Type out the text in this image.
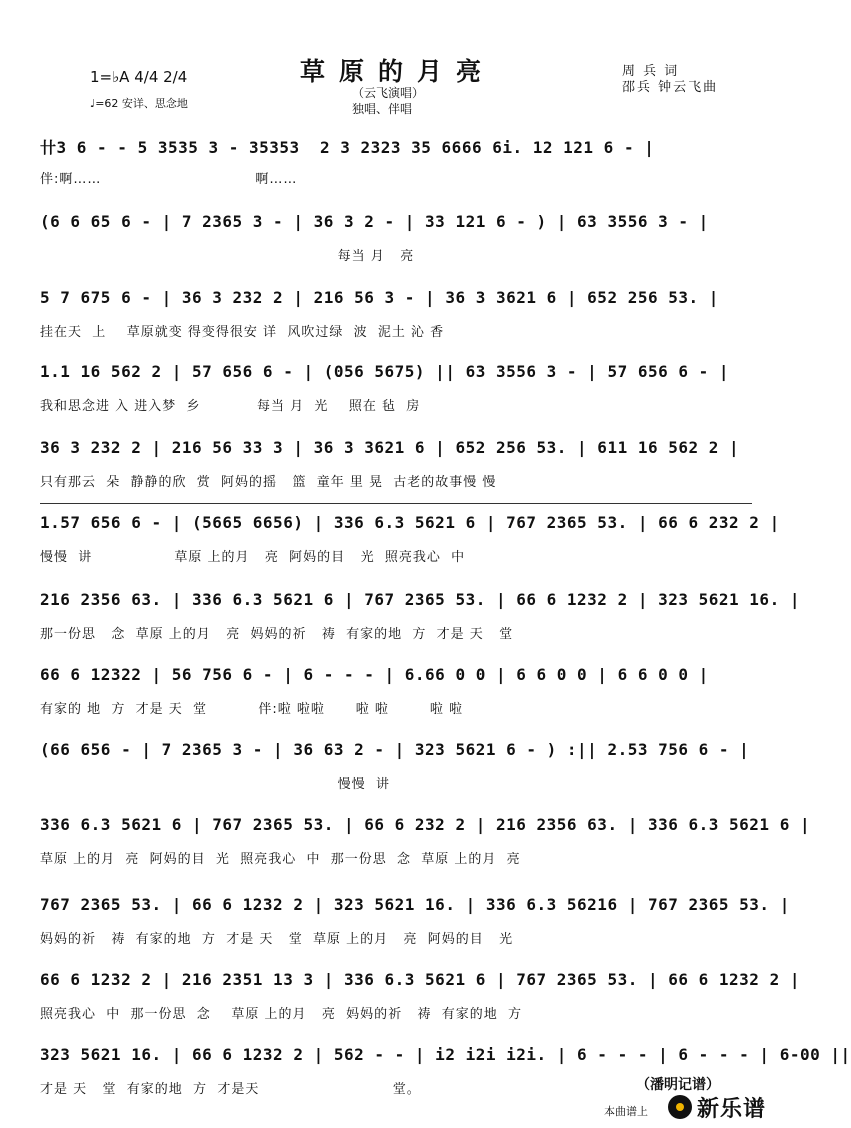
草原的月亮
（云飞演唱）
独唱、伴唱
1=♭A 4/4 2/4
♩=62 安详、思念地
周 兵 词
邵兵 钟云飞曲
卄3 6 - - 5 3535 3 - 35353  2 3 2323 35 6666 6i. 12 121 6 - |
伴:啊……                              啊……
(6 6 65 6 - | 7 2365 3 - | 36 3 2 - | 33 121 6 - ) | 63 3556 3 - |
每当 月   亮
5 7 675 6 - | 36 3 232 2 | 216 56 3 - | 36 3 3621 6 | 652 256 53. |
挂在天  上    草原就变 得变得很安 详  风吹过绿  波  泥土 沁 香
1.1 16 562 2 | 57 656 6 - | (056 5675) || 63 3556 3 - | 57 656 6 - |
我和思念进 入 进入梦  乡           每当 月  光    照在 毡  房
36 3 232 2 | 216 56 33 3 | 36 3 3621 6 | 652 256 53. | 611 16 562 2 |
只有那云  朵  静静的欣  赏  阿妈的摇   篮  童年 里 晃  古老的故事慢 慢
1.57 656 6 - | (5665 6656) | 336 6.3 5621 6 | 767 2365 53. | 66 6 232 2 |
慢慢  讲                草原 上的月   亮  阿妈的目   光  照亮我心  中
216 2356 63. | 336 6.3 5621 6 | 767 2365 53. | 66 6 1232 2 | 323 5621 16. |
那一份思   念  草原 上的月   亮  妈妈的祈   祷  有家的地  方  才是 天   堂
66 6 12322 | 56 756 6 - | 6 - - - | 6.66 0 0 | 6 6 0 0 | 6 6 0 0 |
有家的 地  方  才是 天  堂          伴:啦 啦啦      啦 啦        啦 啦
(66 656 - | 7 2365 3 - | 36 63 2 - | 323 5621 6 - ) :|| 2.53 756 6 - |
慢慢  讲
336 6.3 5621 6 | 767 2365 53. | 66 6 232 2 | 216 2356 63. | 336 6.3 5621 6 |
草原 上的月  亮  阿妈的目  光  照亮我心  中  那一份思  念  草原 上的月  亮
767 2365 53. | 66 6 1232 2 | 323 5621 16. | 336 6.3 56216 | 767 2365 53. |
妈妈的祈   祷  有家的地  方  才是 天   堂  草原 上的月   亮  阿妈的目   光
66 6 1232 2 | 216 2351 13 3 | 336 6.3 5621 6 | 767 2365 53. | 66 6 1232 2 |
照亮我心  中  那一份思  念    草原 上的月   亮  妈妈的祈   祷  有家的地  方
323 5621 16. | 66 6 1232 2 | 562 - - | i2 i2i i2i. | 6 - - - | 6 - - - | 6-00 ||
才是 天   堂  有家的地  方  才是天                          堂。	（潘明记谱）
本曲谱上 新乐谱
